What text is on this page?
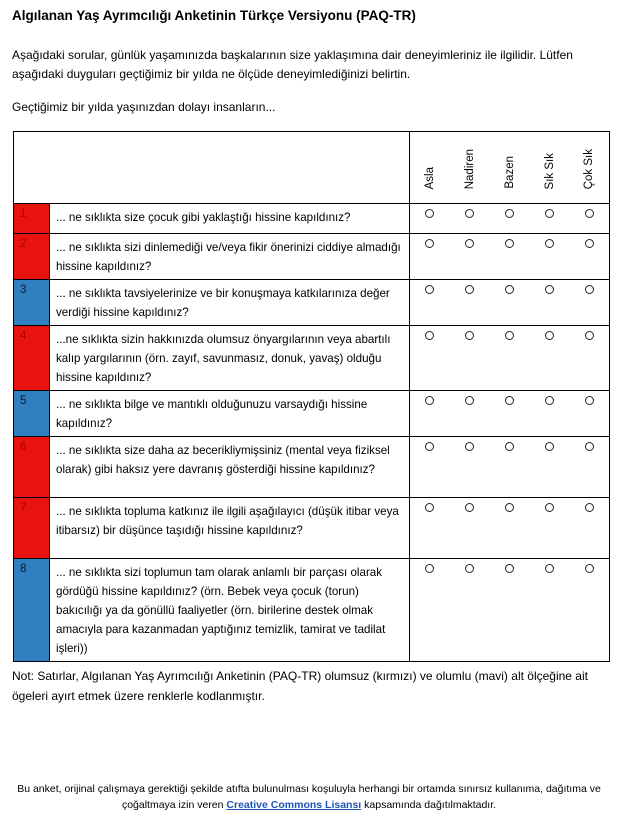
Algılanan Yaş Ayrımcılığı Anketinin Türkçe Versiyonu (PAQ-TR)
Aşağıdaki sorular, günlük yaşamınızda başkalarının size yaklaşımına dair deneyimleriniz ile ilgilidir. Lütfen aşağıdaki duyguları geçtiğimiz bir yılda ne ölçüde deneyimlediğinizi belirtin.
Geçtiğimiz bir yılda yaşınızdan dolayı insanların...

		Asla	Nadiren	Bazen	Sık Sık	Çok Sık

1	... ne sıklıkta size çocuk gibi yaklaştığı hissine kapıldınız?					
2	... ne sıklıkta sizi dinlemediği ve/veya fikir önerinizi ciddiye almadığı hissine kapıldınız?					
3	... ne sıklıkta tavsiyelerinize ve bir konuşmaya katkılarınıza değer verdiği hissine kapıldınız?					
4	...ne sıklıkta sizin hakkınızda olumsuz önyargılarının veya abartılı kalıp yargılarının (örn. zayıf, savunmasız, donuk, yavaş) olduğu hissine kapıldınız?					
5	... ne sıklıkta bilge ve mantıklı olduğunuzu varsaydığı hissine kapıldınız?					
6	... ne sıklıkta size daha az becerikliymişsiniz (mental veya fiziksel olarak) gibi haksız yere davranış gösterdiği hissine kapıldınız?					
7	... ne sıklıkta topluma katkınız ile ilgili aşağılayıcı (düşük itibar veya itibarsız) bir düşünce taşıdığı hissine kapıldınız?					
8	... ne sıklıkta sizi toplumun tam olarak anlamlı bir parçası olarak gördüğü hissine kapıldınız? (örn. Bebek veya çocuk (torun) bakıcılığı ya da gönüllü faaliyetler (örn. birilerine destek olmak amacıyla para kazanmadan yaptığınız temizlik, tamirat ve tadilat işleri))					
Not: Satırlar, Algılanan Yaş Ayrımcılığı Anketinin (PAQ-TR) olumsuz (kırmızı) ve olumlu (mavi) alt ölçeğine ait ögeleri ayırt etmek üzere renklerle kodlanmıştır.
Bu anket, orijinal çalışmaya gerektiği şekilde atıfta bulunulması koşuluyla herhangi bir ortamda sınırsız kullanıma, dağıtıma ve çoğaltmaya izin veren Creative Commons Lisansı kapsamında dağıtılmaktadır.
